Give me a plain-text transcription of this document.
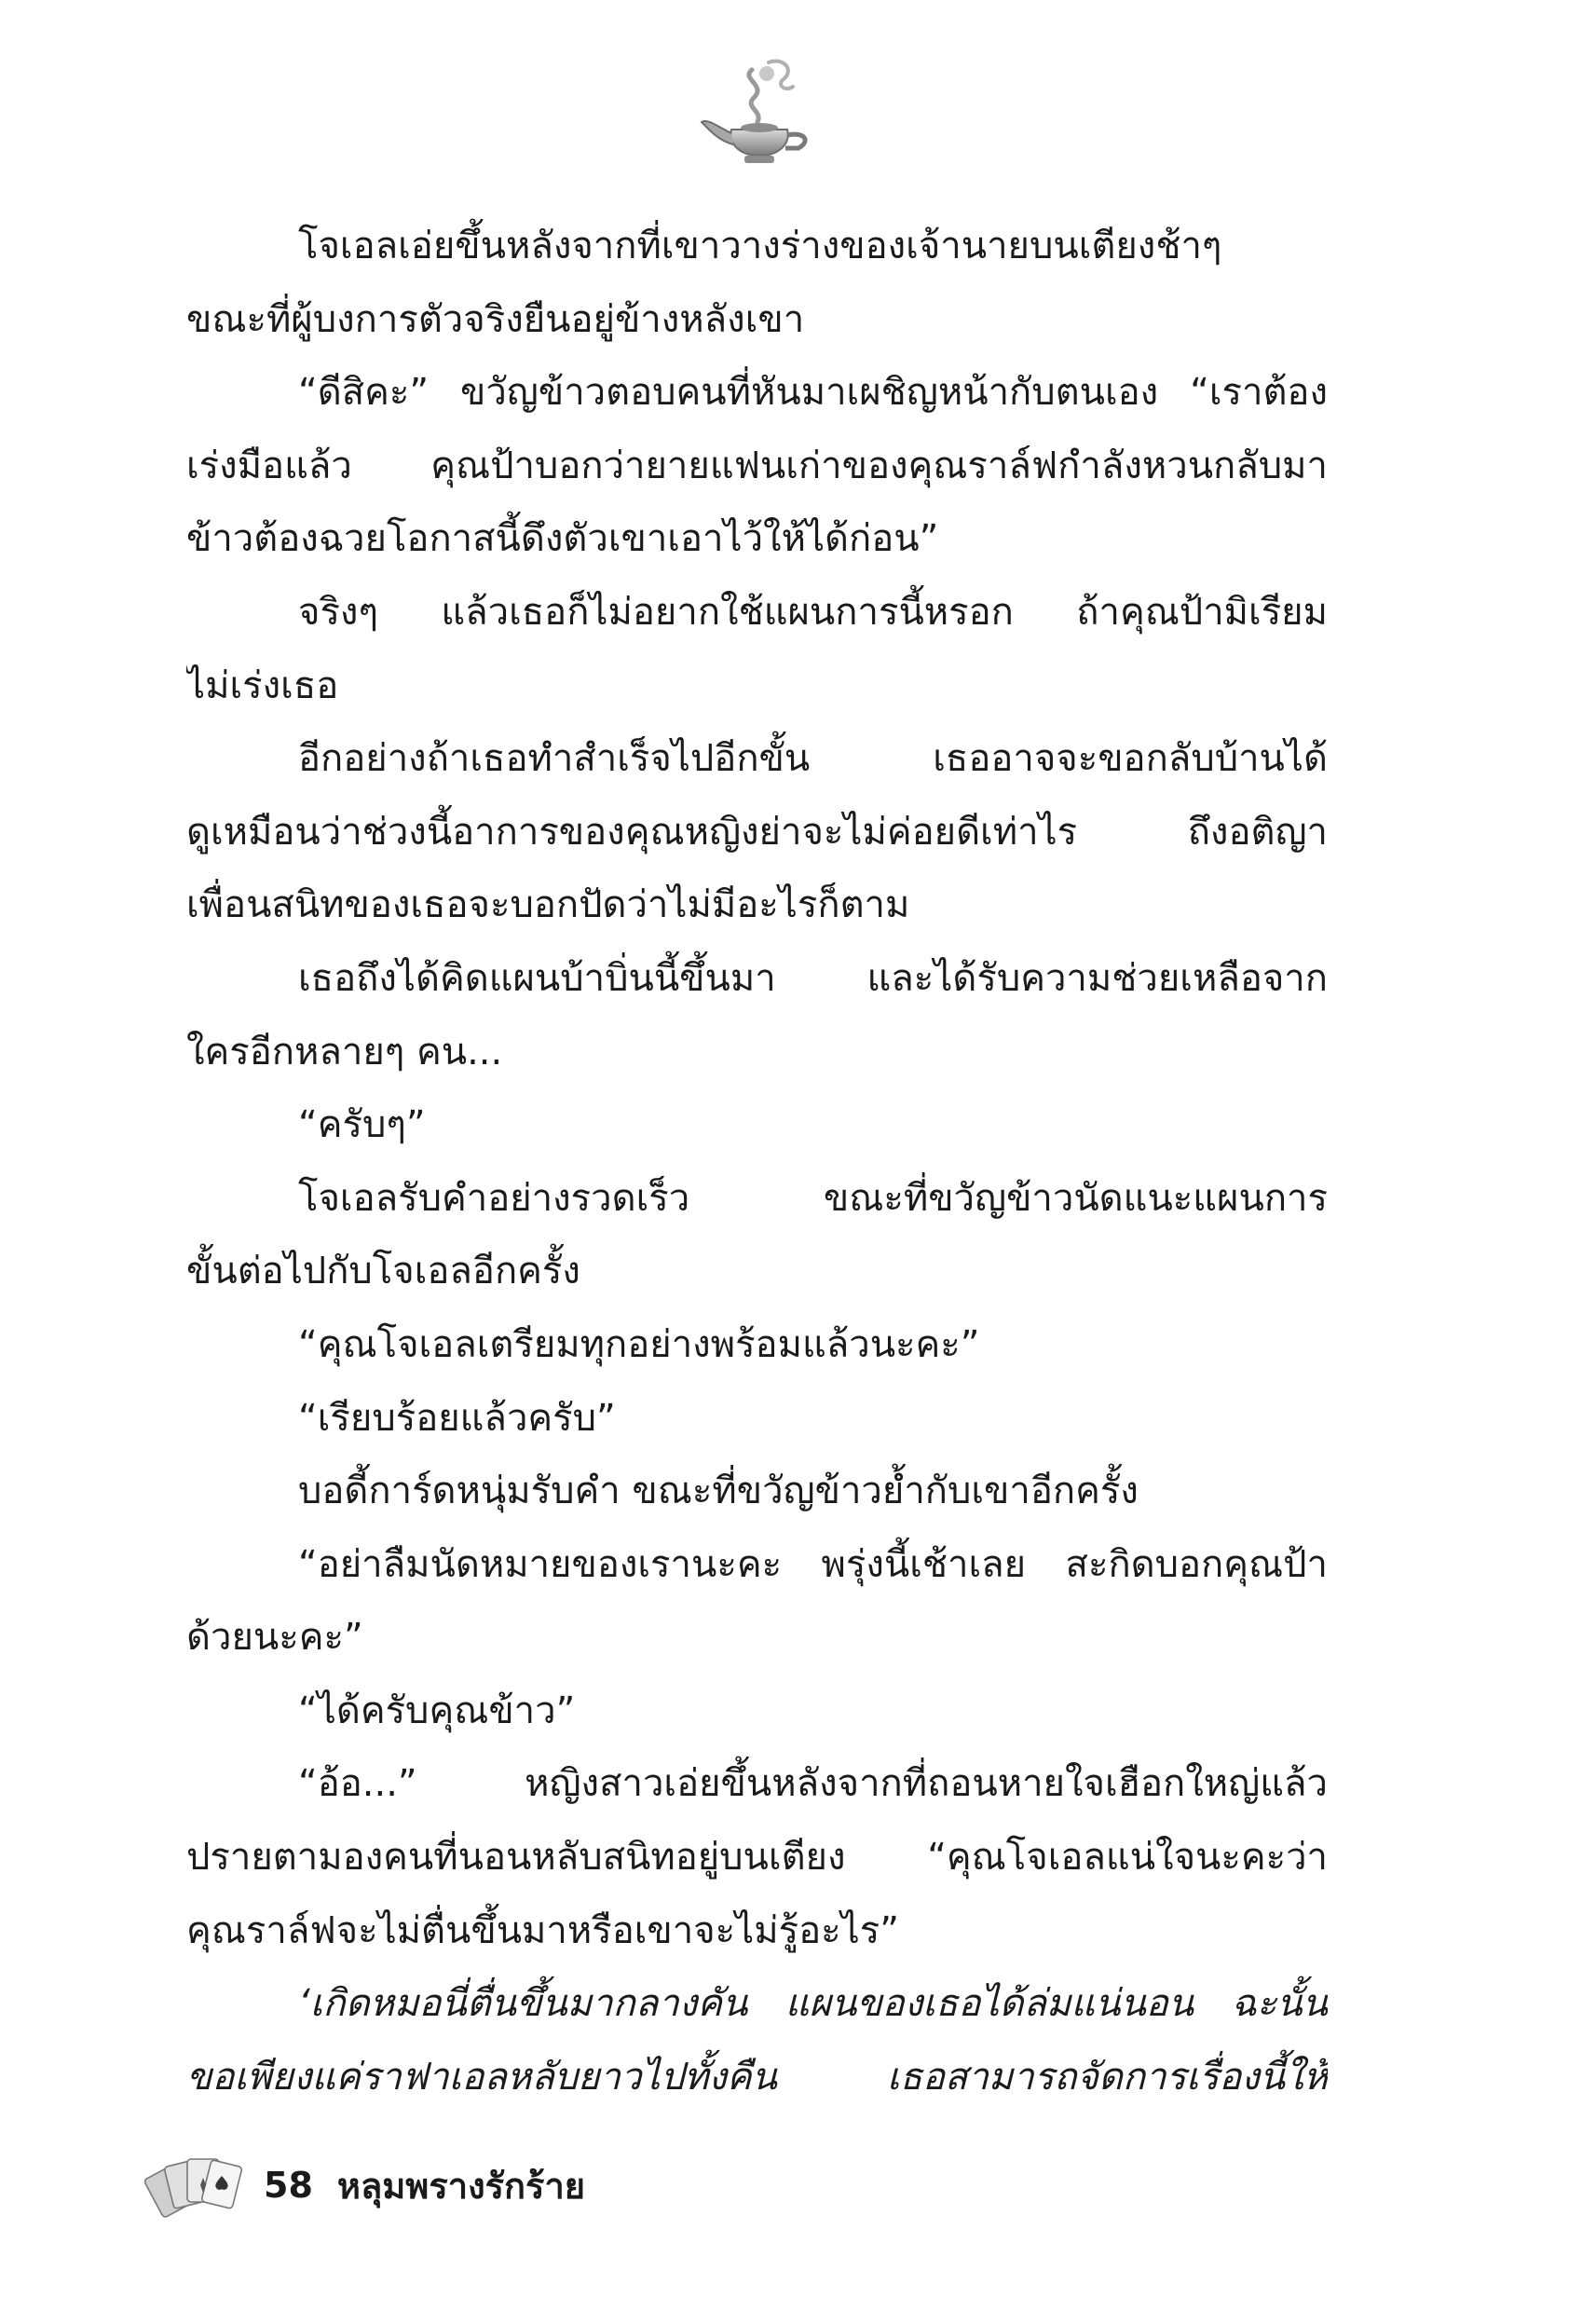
โจเอลเอ่ยขึ้นหลังจากที่เขาวางร่างของเจ้านายบนเตียงช้าๆ
ขณะที่ผู้บงการตัวจริงยืนอยู่ข้างหลังเขา
“ดีสิคะ” ขวัญข้าวตอบคนที่หันมาเผชิญหน้ากับตนเอง “เราต้อง
เร่งมือแล้ว คุณป้าบอกว่ายายแฟนเก่าของคุณราล์ฟกำลังหวนกลับมา
ข้าวต้องฉวยโอกาสนี้ดึงตัวเขาเอาไว้ให้ได้ก่อน”
จริงๆ แล้วเธอก็ไม่อยากใช้แผนการนี้หรอก ถ้าคุณป้ามิเรียม
ไม่เร่งเธอ
อีกอย่างถ้าเธอทำสำเร็จไปอีกขั้น เธออาจจะขอกลับบ้านได้
ดูเหมือนว่าช่วงนี้อาการของคุณหญิงย่าจะไม่ค่อยดีเท่าไร ถึงอติญา
เพื่อนสนิทของเธอจะบอกปัดว่าไม่มีอะไรก็ตาม
เธอถึงได้คิดแผนบ้าบิ่นนี้ขึ้นมา และได้รับความช่วยเหลือจาก
ใครอีกหลายๆ คน...
“ครับๆ”
โจเอลรับคำอย่างรวดเร็ว ขณะที่ขวัญข้าวนัดแนะแผนการ
ขั้นต่อไปกับโจเอลอีกครั้ง
“คุณโจเอลเตรียมทุกอย่างพร้อมแล้วนะคะ”
“เรียบร้อยแล้วครับ”
บอดี้การ์ดหนุ่มรับคำ ขณะที่ขวัญข้าวย้ำกับเขาอีกครั้ง
“อย่าลืมนัดหมายของเรานะคะ พรุ่งนี้เช้าเลย สะกิดบอกคุณป้า
ด้วยนะคะ”
“ได้ครับคุณข้าว”
“อ้อ...” หญิงสาวเอ่ยขึ้นหลังจากที่ถอนหายใจเฮือกใหญ่แล้ว
ปรายตามองคนที่นอนหลับสนิทอยู่บนเตียง “คุณโจเอลแน่ใจนะคะว่า
คุณราล์ฟจะไม่ตื่นขึ้นมาหรือเขาจะไม่รู้อะไร”
‘เกิดหมอนี่ตื่นขึ้นมากลางคัน แผนของเธอได้ล่มแน่นอน ฉะนั้น
ขอเพียงแค่ราฟาเอลหลับยาวไปทั้งคืน เธอสามารถจัดการเรื่องนี้ให้
58 หลุมพรางรักร้าย
